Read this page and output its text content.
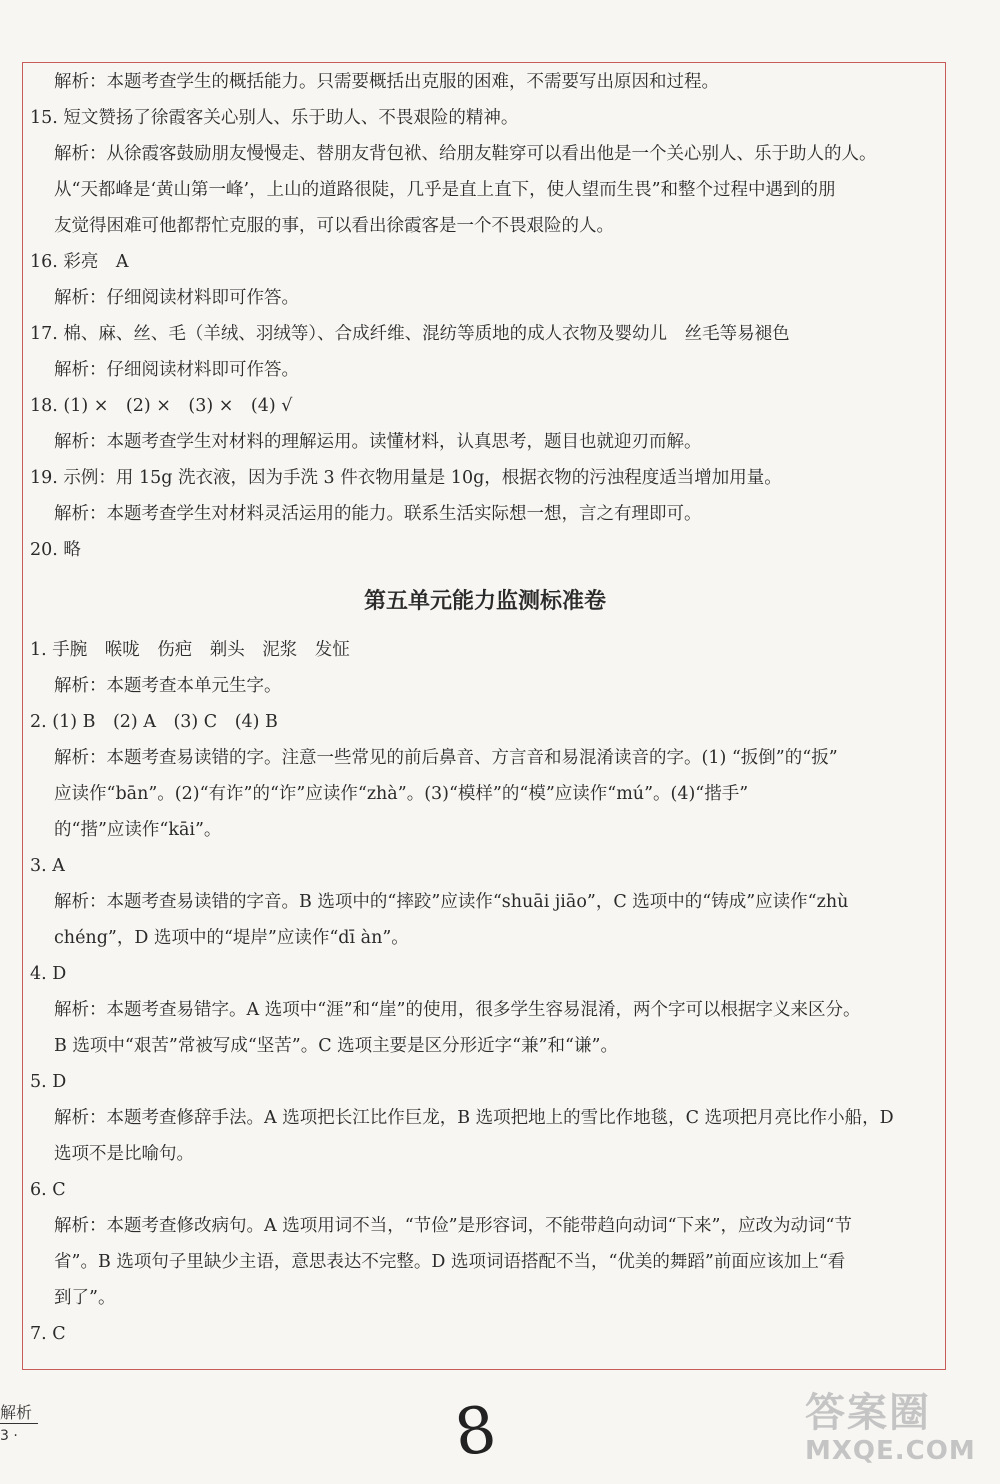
解析：本题考查学生的概括能力。只需要概括出克服的困难，不需要写出原因和过程。
15. 短文赞扬了徐霞客关心别人、乐于助人、不畏艰险的精神。
解析：从徐霞客鼓励朋友慢慢走、替朋友背包袱、给朋友鞋穿可以看出他是一个关心别人、乐于助人的人。
从“天都峰是‘黄山第一峰’，上山的道路很陡，几乎是直上直下，使人望而生畏”和整个过程中遇到的朋
友觉得困难可他都帮忙克服的事，可以看出徐霞客是一个不畏艰险的人。
16. 彩亮　A
解析：仔细阅读材料即可作答。
17. 棉、麻、丝、毛（羊绒、羽绒等）、合成纤维、混纺等质地的成人衣物及婴幼儿　丝毛等易褪色
解析：仔细阅读材料即可作答。
18. (1) ×　(2) ×　(3) ×　(4) √
解析：本题考查学生对材料的理解运用。读懂材料，认真思考，题目也就迎刃而解。
19. 示例：用 15g 洗衣液，因为手洗 3 件衣物用量是 10g，根据衣物的污浊程度适当增加用量。
解析：本题考查学生对材料灵活运用的能力。联系生活实际想一想，言之有理即可。
20. 略
第五单元能力监测标准卷
1. 手腕　喉咙　伤疤　剃头　泥浆　发怔
解析：本题考查本单元生字。
2. (1) B　(2) A　(3) C　(4) B
解析：本题考查易读错的字。注意一些常见的前后鼻音、方言音和易混淆读音的字。(1) “扳倒”的“扳”
应读作“bān”。(2)“有诈”的“诈”应读作“zhà”。(3)“模样”的“模”应读作“mú”。(4)“揩手”
的“揩”应读作“kāi”。
3. A
解析：本题考查易读错的字音。B 选项中的“摔跤”应读作“shuāi jiāo”，C 选项中的“铸成”应读作“zhù
chéng”，D 选项中的“堤岸”应读作“dī àn”。
4. D
解析：本题考查易错字。A 选项中“涯”和“崖”的使用，很多学生容易混淆，两个字可以根据字义来区分。
B 选项中“艰苦”常被写成“坚苦”。C 选项主要是区分形近字“兼”和“谦”。
5. D
解析：本题考查修辞手法。A 选项把长江比作巨龙，B 选项把地上的雪比作地毯，C 选项把月亮比作小船，D
选项不是比喻句。
6. C
解析：本题考查修改病句。A 选项用词不当，“节俭”是形容词，不能带趋向动词“下来”，应改为动词“节
省”。B 选项句子里缺少主语，意思表达不完整。D 选项词语搭配不当，“优美的舞蹈”前面应该加上“看
到了”。
7. C
解析
3 ·	8	答案圈
MXQE.COM
